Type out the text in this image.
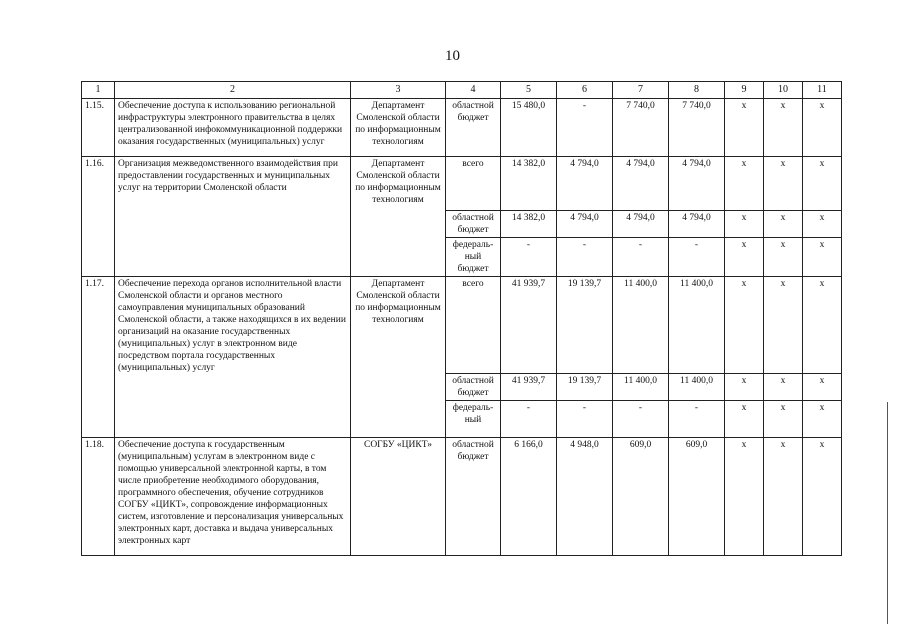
10
1	2	3	4	5	6	7	8	9	10	11
1.15.	Обеспечение доступа к использованию региональной инфраструктуры электронного правительства в целях централизованной инфокоммуникационной поддержки оказания государственных (муниципальных) услуг	Департамент Смоленской области по информационным технологиям	областной бюджет	15 480,0	-	7 740,0	7 740,0	x	x	x
1.16.	Организация межведомственного взаимодействия при предоставлении государственных и муниципальных услуг на территории Смоленской области	Департамент Смоленской области по информационным технологиям	всего	14 382,0	4 794,0	4 794,0	4 794,0	x	x	x
			областной бюджет	14 382,0	4 794,0	4 794,0	4 794,0	x	x	x
			федераль-ный бюджет	-	-	-	-	x	x	x
1.17.	Обеспечение перехода органов исполнительной власти Смоленской области и органов местного самоуправления муниципальных образований Смоленской области, а также находящихся в их ведении организаций на оказание государственных (муниципальных) услуг в электронном виде посредством портала государственных (муниципальных) услуг	Департамент Смоленской области по информационным технологиям	всего	41 939,7	19 139,7	11 400,0	11 400,0	x	x	x
			областной бюджет	41 939,7	19 139,7	11 400,0	11 400,0	x	x	x
			федераль-ный	-	-	-	-	x	x	x
1.18.	Обеспечение доступа к государственным (муниципальным) услугам в электронном виде с помощью универсальной электронной карты, в том числе приобретение необходимого оборудования, программного обеспечения, обучение сотрудников СОГБУ «ЦИКТ», сопровождение информационных систем, изготовление и персонализация универсальных электронных карт, доставка и выдача универсальных электронных карт	СОГБУ «ЦИКТ»	областной бюджет	6 166,0	4 948,0	609,0	609,0	x	x	x
